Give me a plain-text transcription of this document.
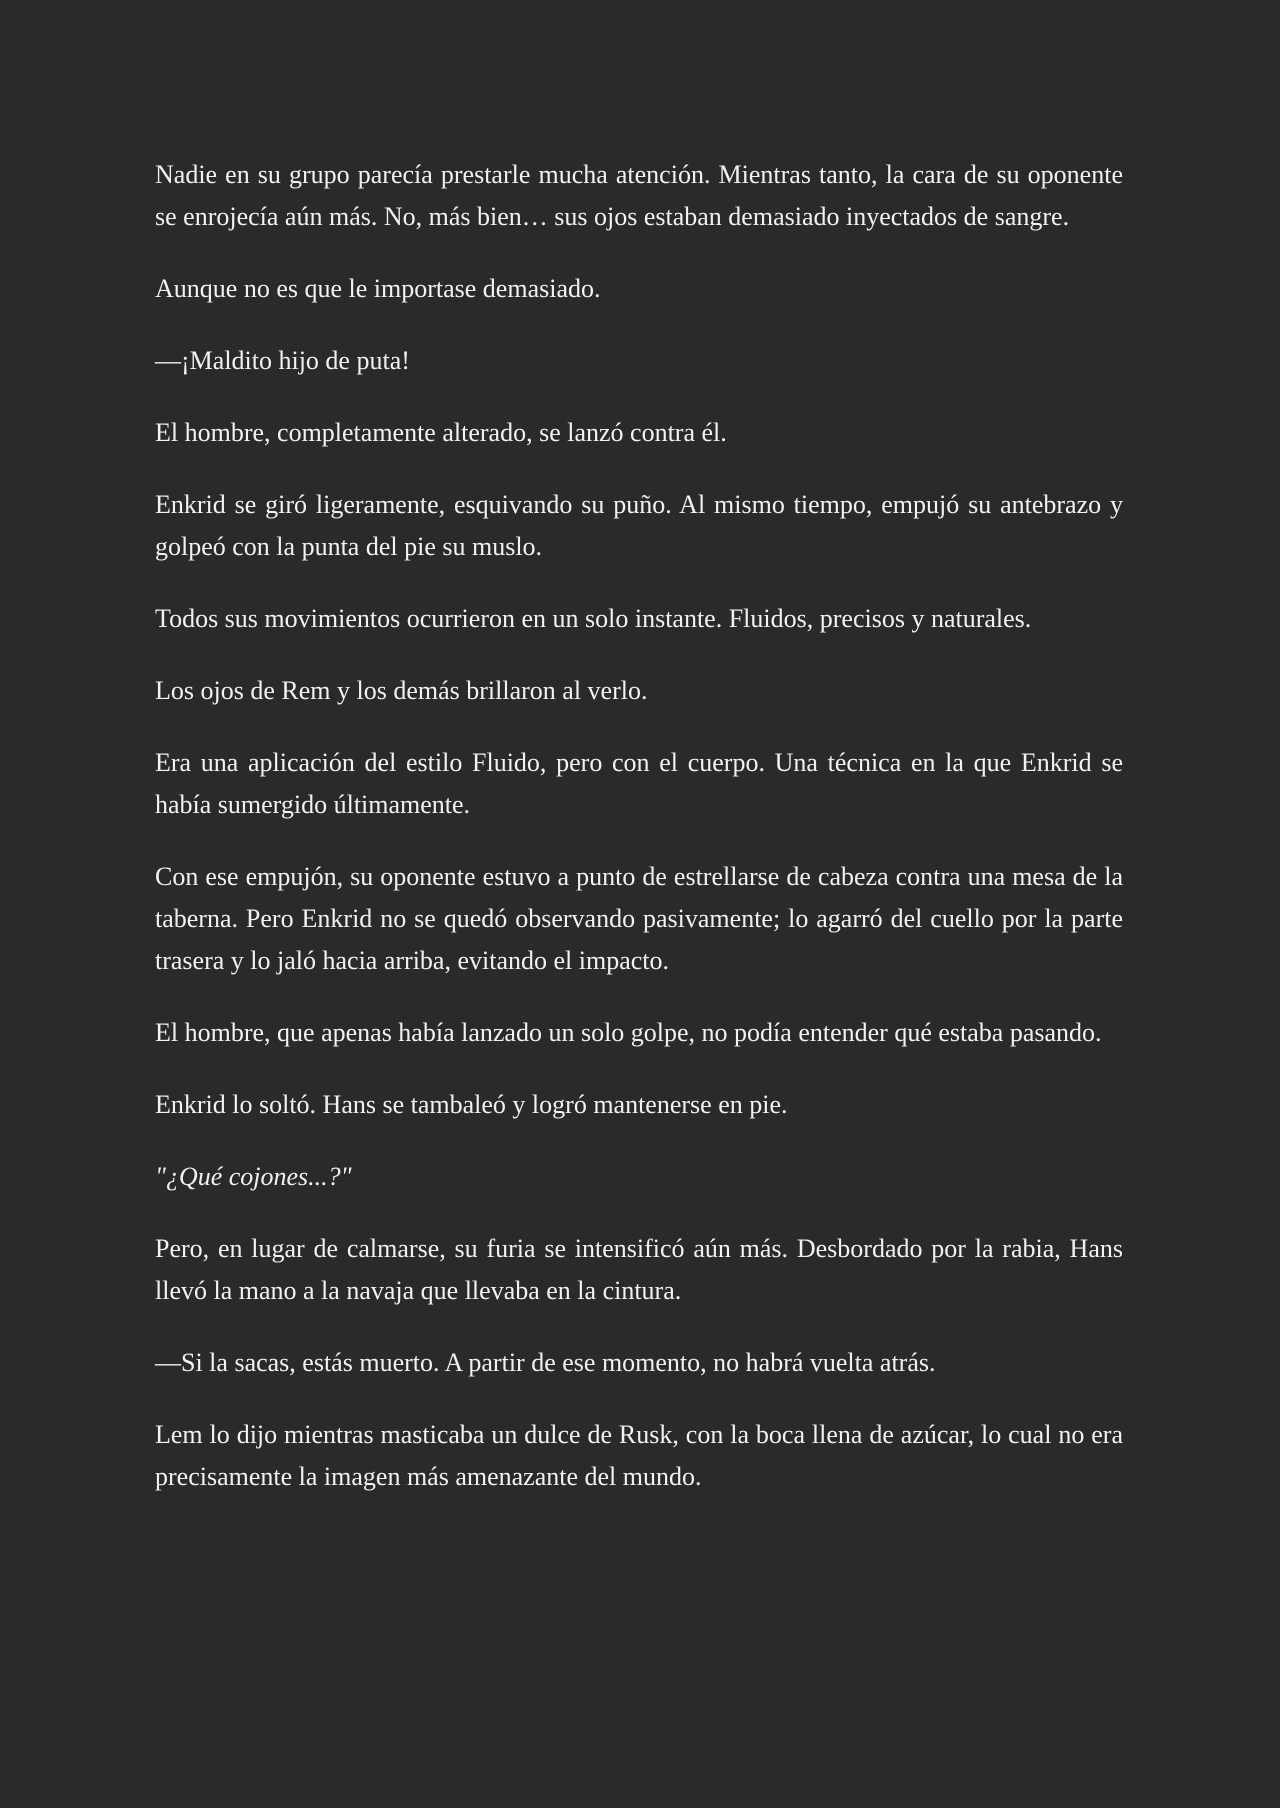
Nadie en su grupo parecía prestarle mucha atención. Mientras tanto, la cara de su oponente se enrojecía aún más. No, más bien… sus ojos estaban demasiado inyectados de sangre.

Aunque no es que le importase demasiado.

—¡Maldito hijo de puta!

El hombre, completamente alterado, se lanzó contra él.

Enkrid se giró ligeramente, esquivando su puño. Al mismo tiempo, empujó su antebrazo y golpeó con la punta del pie su muslo.

Todos sus movimientos ocurrieron en un solo instante. Fluidos, precisos y naturales.

Los ojos de Rem y los demás brillaron al verlo.

Era una aplicación del estilo Fluido, pero con el cuerpo. Una técnica en la que Enkrid se había sumergido últimamente.

Con ese empujón, su oponente estuvo a punto de estrellarse de cabeza contra una mesa de la taberna. Pero Enkrid no se quedó observando pasivamente; lo agarró del cuello por la parte trasera y lo jaló hacia arriba, evitando el impacto.

El hombre, que apenas había lanzado un solo golpe, no podía entender qué estaba pasando.

Enkrid lo soltó. Hans se tambaleó y logró mantenerse en pie.

"¿Qué cojones...?"

Pero, en lugar de calmarse, su furia se intensificó aún más. Desbordado por la rabia, Hans llevó la mano a la navaja que llevaba en la cintura.

—Si la sacas, estás muerto. A partir de ese momento, no habrá vuelta atrás.

Lem lo dijo mientras masticaba un dulce de Rusk, con la boca llena de azúcar, lo cual no era precisamente la imagen más amenazante del mundo.
